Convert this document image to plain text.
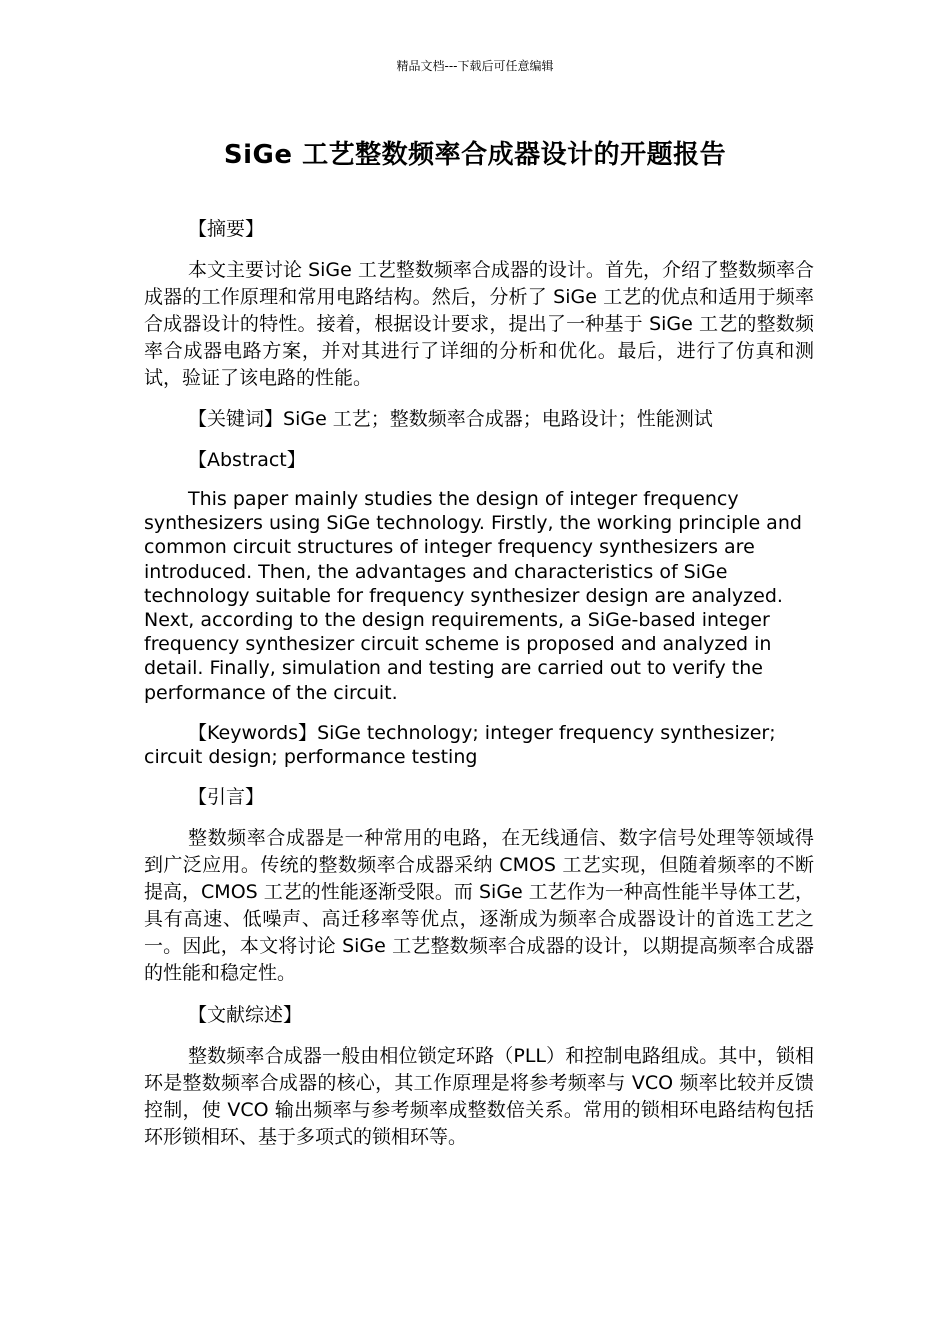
精品文档---下载后可任意编辑
SiGe 工艺整数频率合成器设计的开题报告

【摘要】

本文主要讨论 SiGe 工艺整数频率合成器的设计。首先，介绍了整数频率合成器的工作原理和常用电路结构。然后，分析了 SiGe 工艺的优点和适用于频率合成器设计的特性。接着，根据设计要求，提出了一种基于 SiGe 工艺的整数频率合成器电路方案，并对其进行了详细的分析和优化。最后，进行了仿真和测试，验证了该电路的性能。

【关键词】SiGe 工艺；整数频率合成器；电路设计；性能测试

【Abstract】

This paper mainly studies the design of integer frequency synthesizers using SiGe technology. Firstly, the working principle and common circuit structures of integer frequency synthesizers are introduced. Then, the advantages and characteristics of SiGe technology suitable for frequency synthesizer design are analyzed. Next, according to the design requirements, a SiGe-based integer frequency synthesizer circuit scheme is proposed and analyzed in detail. Finally, simulation and testing are carried out to verify the performance of the circuit.

【Keywords】SiGe technology; integer frequency synthesizer; circuit design; performance testing

【引言】

整数频率合成器是一种常用的电路，在无线通信、数字信号处理等领域得到广泛应用。传统的整数频率合成器采纳 CMOS 工艺实现，但随着频率的不断提高，CMOS 工艺的性能逐渐受限。而 SiGe 工艺作为一种高性能半导体工艺，具有高速、低噪声、高迁移率等优点，逐渐成为频率合成器设计的首选工艺之一。因此，本文将讨论 SiGe 工艺整数频率合成器的设计，以期提高频率合成器的性能和稳定性。

【文献综述】

整数频率合成器一般由相位锁定环路（PLL）和控制电路组成。其中，锁相环是整数频率合成器的核心，其工作原理是将参考频率与 VCO 频率比较并反馈控制，使 VCO 输出频率与参考频率成整数倍关系。常用的锁相环电路结构包括环形锁相环、基于多项式的锁相环等。
